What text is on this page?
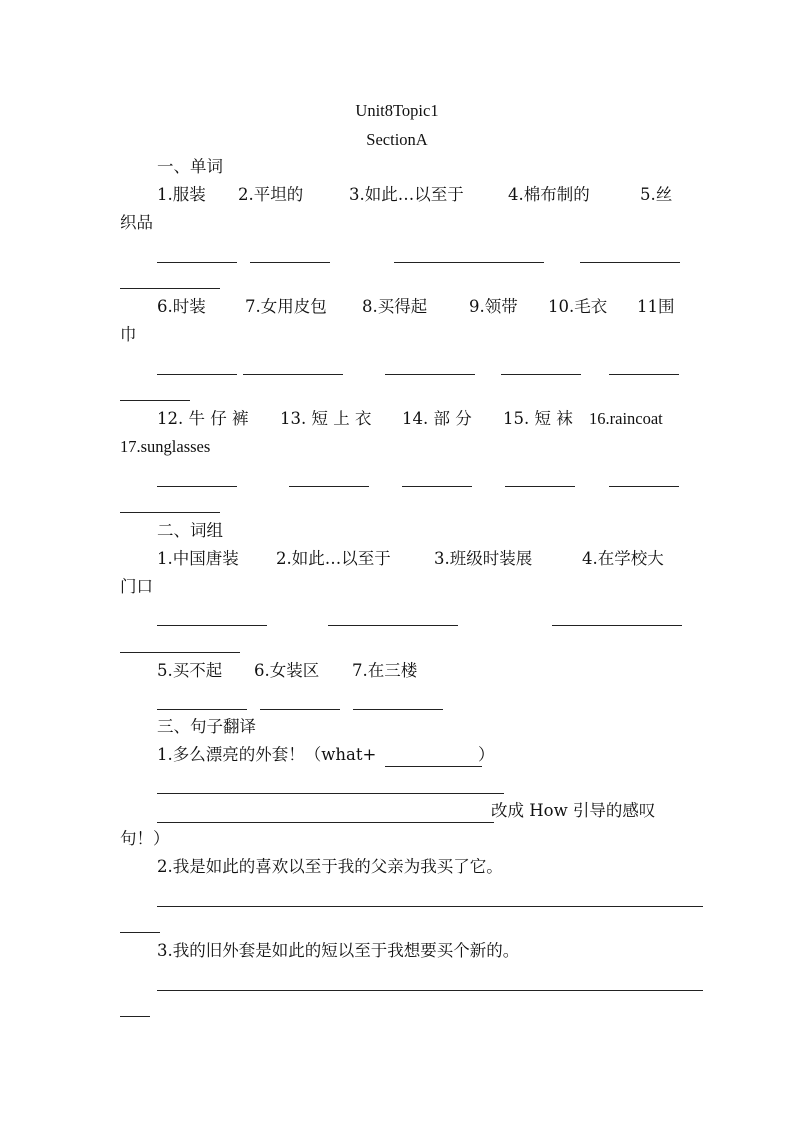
Unit8Topic1
SectionA
一、单词
1.服装 2.平坦的	3.如此…以至于	4.棉布制的	5.丝
织品
6.时装 7.女用皮包 8.买得起	9.领带 10.毛衣 11围
巾
12. 牛 仔 裤 13. 短 上 衣 14. 部 分 15. 短 袜 16.raincoat
17.sunglasses
二、词组
1.中国唐装 2.如此…以至于	3.班级时装展	4.在学校大
门口
5.买不起 6.女装区 7.在三楼
三、句子翻译
1.多么漂亮的外套！（what+	）
改成 How 引导的感叹
句！）
2.我是如此的喜欢以至于我的父亲为我买了它。
3.我的旧外套是如此的短以至于我想要买个新的。
